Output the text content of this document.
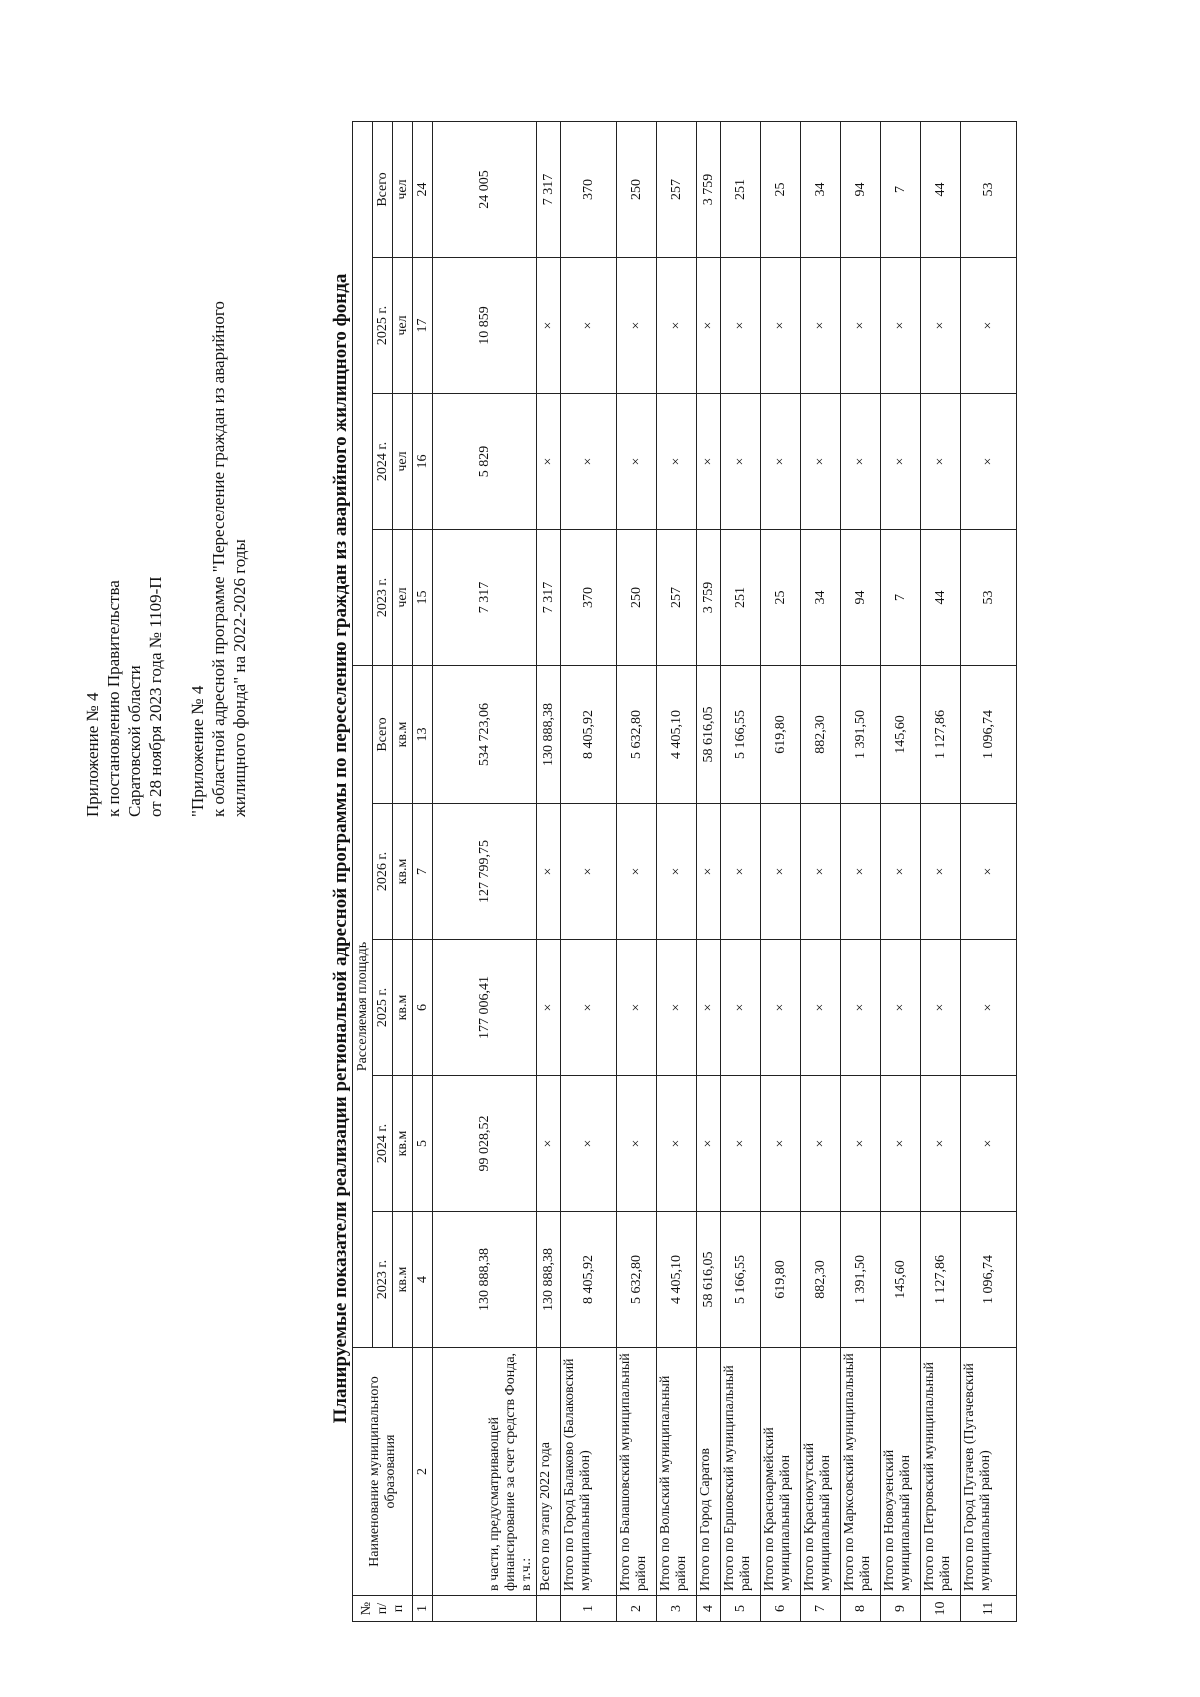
Приложение № 4 к постановлению Правительства Саратовской области от 28 ноября 2023 года № 1109-П "Приложение № 4 к областной адресной программе "Переселение граждан из аварийного жилищного фонда" на 2022-2026 годы	Планируемые показатели реализации региональной адресной программы по переселению граждан из аварийного жилищного фонда
№ п/п	Наименование муниципального образования	Расселяемая площадь								
		2023 г.	2024 г.	2025 г.	2026 г.	Всего	2023 г.	2024 г.	2025 г.	Всего
		кв.м	кв.м	кв.м	кв.м	кв.м	чел	чел	чел	чел
1	2	4	5	6	7	13	15	16	17	24
	в части, предусматривающей финансирование за счет средств Фонда, в т.ч.:	130 888,38	99 028,52	177 006,41	127 799,75	534 723,06	7 317	5 829	10 859	24 005
	Всего по этапу 2022 года	130 888,38	×	×	×	130 888,38	7 317	×	×	7 317
1	Итого по Город Балаково (Балаковский муниципальный район)	8 405,92	×	×	×	8 405,92	370	×	×	370
2	Итого по Балашовский муниципальный район	5 632,80	×	×	×	5 632,80	250	×	×	250
3	Итого по Вольский муниципальный район	4 405,10	×	×	×	4 405,10	257	×	×	257
4	Итого по Город Саратов	58 616,05	×	×	×	58 616,05	3 759	×	×	3 759
5	Итого по Ершовский муниципальный район	5 166,55	×	×	×	5 166,55	251	×	×	251
6	Итого по Красноармейский муниципальный район	619,80	×	×	×	619,80	25	×	×	25
7	Итого по Краснокутский муниципальный район	882,30	×	×	×	882,30	34	×	×	34
8	Итого по Марксовский муниципальный район	1 391,50	×	×	×	1 391,50	94	×	×	94
9	Итого по Новоузенский муниципальный район	145,60	×	×	×	145,60	7	×	×	7
10	Итого по Петровский муниципальный район	1 127,86	×	×	×	1 127,86	44	×	×	44
11	Итого по Город Пугачев (Пугачевский муниципальный район)	1 096,74	×	×	×	1 096,74	53	×	×	53
